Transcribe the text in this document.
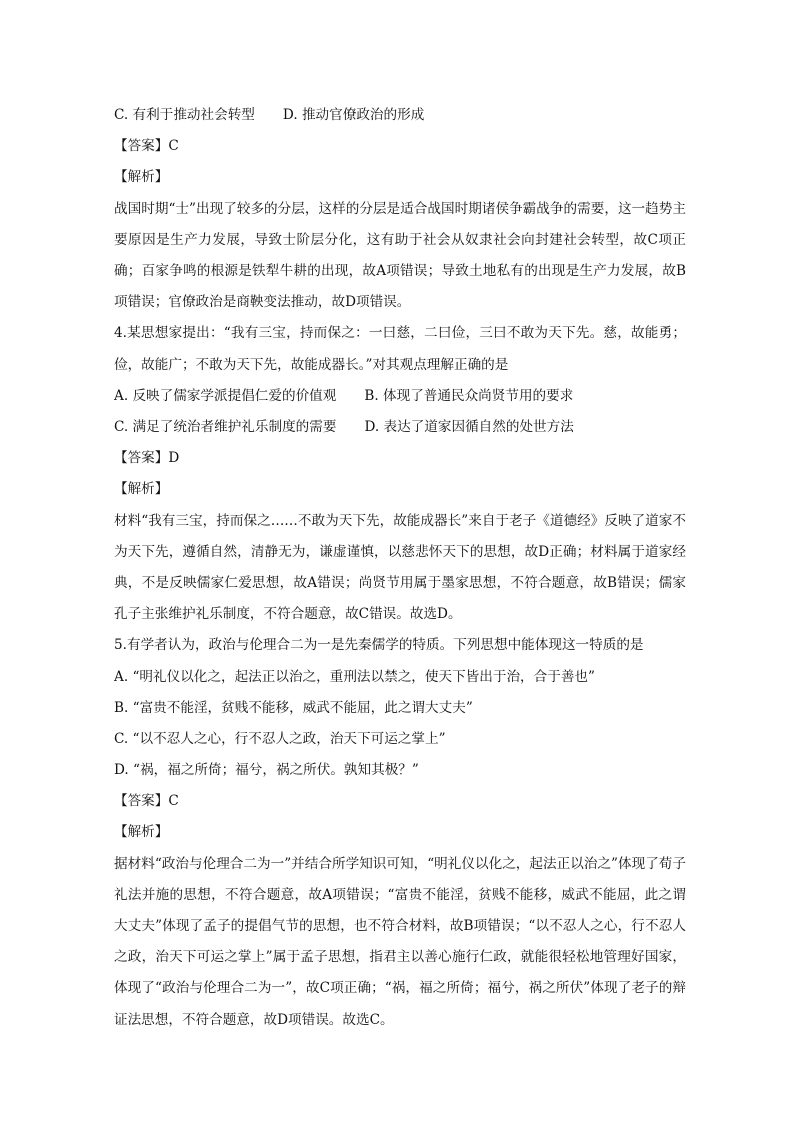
C. 有利于推动社会转型 D. 推动官僚政治的形成
【答案】C
【解析】
战国时期“士”出现了较多的分层，这样的分层是适合战国时期诸侯争霸战争的需要，这一趋势主要原因是生产力发展，导致士阶层分化，这有助于社会从奴隶社会向封建社会转型，故C项正确；百家争鸣的根源是铁犁牛耕的出现，故A项错误；导致土地私有的出现是生产力发展，故B项错误；官僚政治是商鞅变法推动，故D项错误。
4.某思想家提出：“我有三宝，持而保之：一曰慈，二曰俭，三曰不敢为天下先。慈，故能勇；俭，故能广；不敢为天下先，故能成器长。”对其观点理解正确的是
A. 反映了儒家学派提倡仁爱的价值观 B. 体现了普通民众尚贤节用的要求
C. 满足了统治者维护礼乐制度的需要 D. 表达了道家因循自然的处世方法
【答案】D
【解析】
材料“我有三宝，持而保之……不敢为天下先，故能成器长”来自于老子《道德经》反映了道家不为天下先，遵循自然，清静无为，谦虚谨慎，以慈悲怀天下的思想，故D正确；材料属于道家经典，不是反映儒家仁爱思想，故A错误；尚贤节用属于墨家思想，不符合题意，故B错误；儒家孔子主张维护礼乐制度，不符合题意，故C错误。故选D。
5.有学者认为，政治与伦理合二为一是先秦儒学的特质。下列思想中能体现这一特质的是
A. “明礼仪以化之，起法正以治之，重刑法以禁之，使天下皆出于治，合于善也”
B. “富贵不能淫，贫贱不能移，威武不能屈，此之谓大丈夫”
C. “以不忍人之心，行不忍人之政，治天下可运之掌上”
D. “祸，福之所倚；福兮，祸之所伏。孰知其极？”
【答案】C
【解析】
据材料“政治与伦理合二为一”并结合所学知识可知，“明礼仪以化之，起法正以治之”体现了荀子礼法并施的思想，不符合题意，故A项错误；“富贵不能淫，贫贱不能移，威武不能屈，此之谓大丈夫”体现了孟子的提倡气节的思想，也不符合材料，故B项错误；“以不忍人之心，行不忍人之政，治天下可运之掌上”属于孟子思想，指君主以善心施行仁政，就能很轻松地管理好国家，体现了“政治与伦理合二为一”，故C项正确；“祸，福之所倚；福兮，祸之所伏”体现了老子的辩证法思想，不符合题意，故D项错误。故选C。
